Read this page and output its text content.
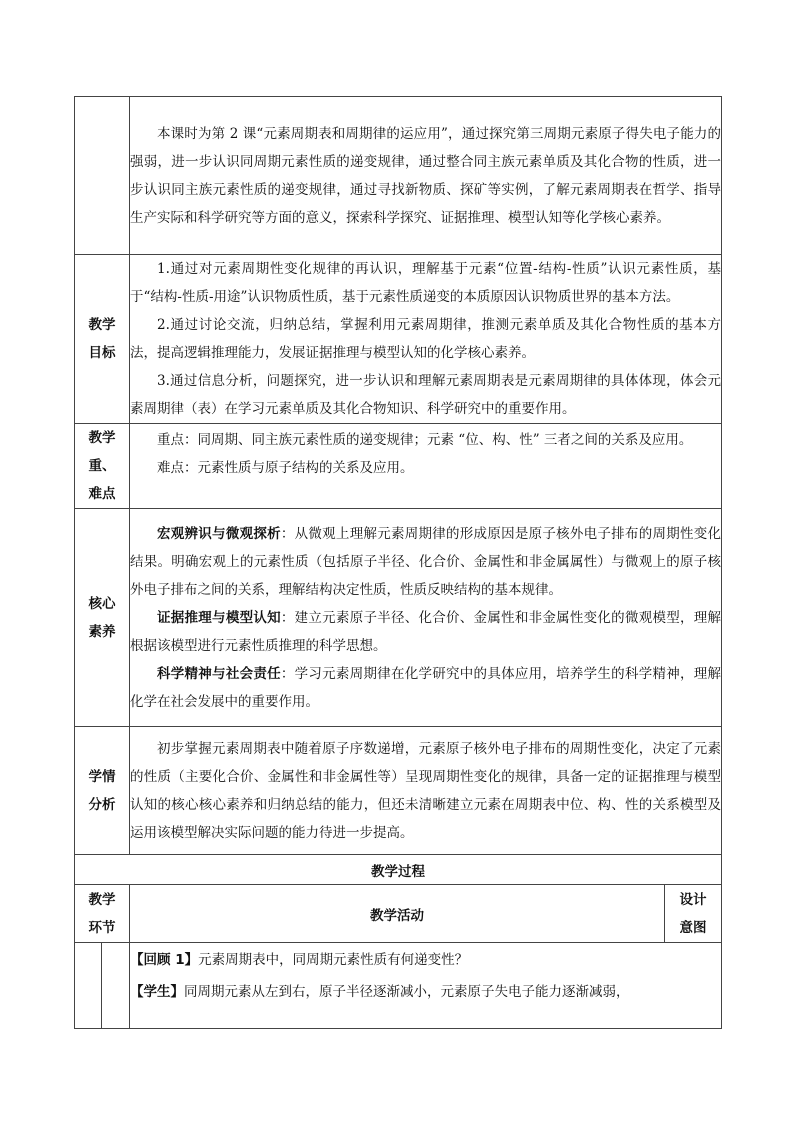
		本课时为第 2 课“元素周期表和周期律的运应用”，通过探究第三周期元素原子得失电子能力的强弱，进一步认识同周期元素性质的递变规律，通过整合同主族元素单质及其化合物的性质，进一步认识同主族元素性质的递变规律，通过寻找新物质、探矿等实例，了解元素周期表在哲学、指导生产实际和科学研究等方面的意义，探索科学探究、证据推理、模型认知等化学核心素养。	

教学目标		1.通过对元素周期性变化规律的再认识，理解基于元素“位置-结构-性质”认识元素性质，基于“结构-性质-用途”认识物质性质，基于元素性质递变的本质原因认识物质世界的基本方法。

2.通过讨论交流，归纳总结，掌握利用元素周期律，推测元素单质及其化合物性质的基本方法，提高逻辑推理能力，发展证据推理与模型认知的化学核心素养。

3.通过信息分析，问题探究，进一步认识和理解元素周期表是元素周期律的具体体现，体会元素周期律（表）在学习元素单质及其化合物知识、科学研究中的重要作用。	

教学重、难点		重点：同周期、同主族元素性质的递变规律；元素 “位、构、性” 三者之间的关系及应用。

难点：元素性质与原子结构的关系及应用。	

核心素养		宏观辨识与微观探析：从微观上理解元素周期律的形成原因是原子核外电子排布的周期性变化结果。明确宏观上的元素性质（包括原子半径、化合价、金属性和非金属属性）与微观上的原子核外电子排布之间的关系，理解结构决定性质，性质反映结构的基本规律。

证据推理与模型认知：建立元素原子半径、化合价、金属性和非金属性变化的微观模型，理解根据该模型进行元素性质推理的科学思想。

科学精神与社会责任：学习元素周期律在化学研究中的具体应用，培养学生的科学精神，理解化学在社会发展中的重要作用。	

学情分析		初步掌握元素周期表中随着原子序数递增，元素原子核外电子排布的周期性变化，决定了元素的性质（主要化合价、金属性和非金属性等）呈现周期性变化的规律，具备一定的证据推理与模型认知的核心核心素养和归纳总结的能力，但还未清晰建立元素在周期表中位、构、性的关系模型及运用该模型解决实际问题的能力待进一步提高。	

教学过程			

教学环节		教学活动	设计意图

		【回顾 1】元素周期表中，同周期元素性质有何递变性？
【学生】同周期元素从左到右，原子半径逐渐减小，元素原子失电子能力逐渐减弱，	
